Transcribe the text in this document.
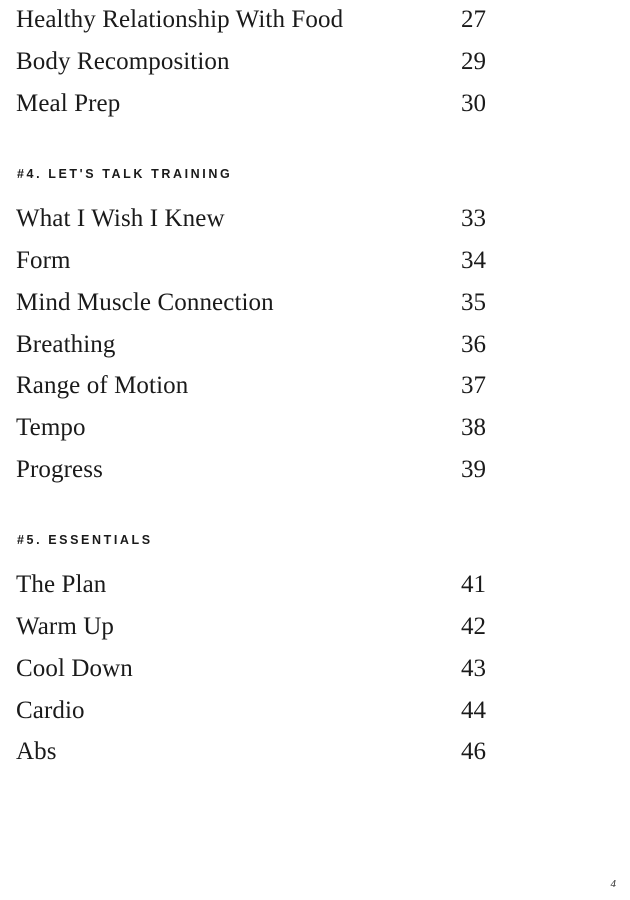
Healthy Relationship With Food	27
Body Recomposition	29
Meal Prep	30
#4. LET'S TALK TRAINING
What I Wish I Knew	33
Form	34
Mind Muscle Connection	35
Breathing	36
Range of Motion	37
Tempo	38
Progress	39
#5. ESSENTIALS
The Plan	41
Warm Up	42
Cool Down	43
Cardio	44
Abs	46
4
